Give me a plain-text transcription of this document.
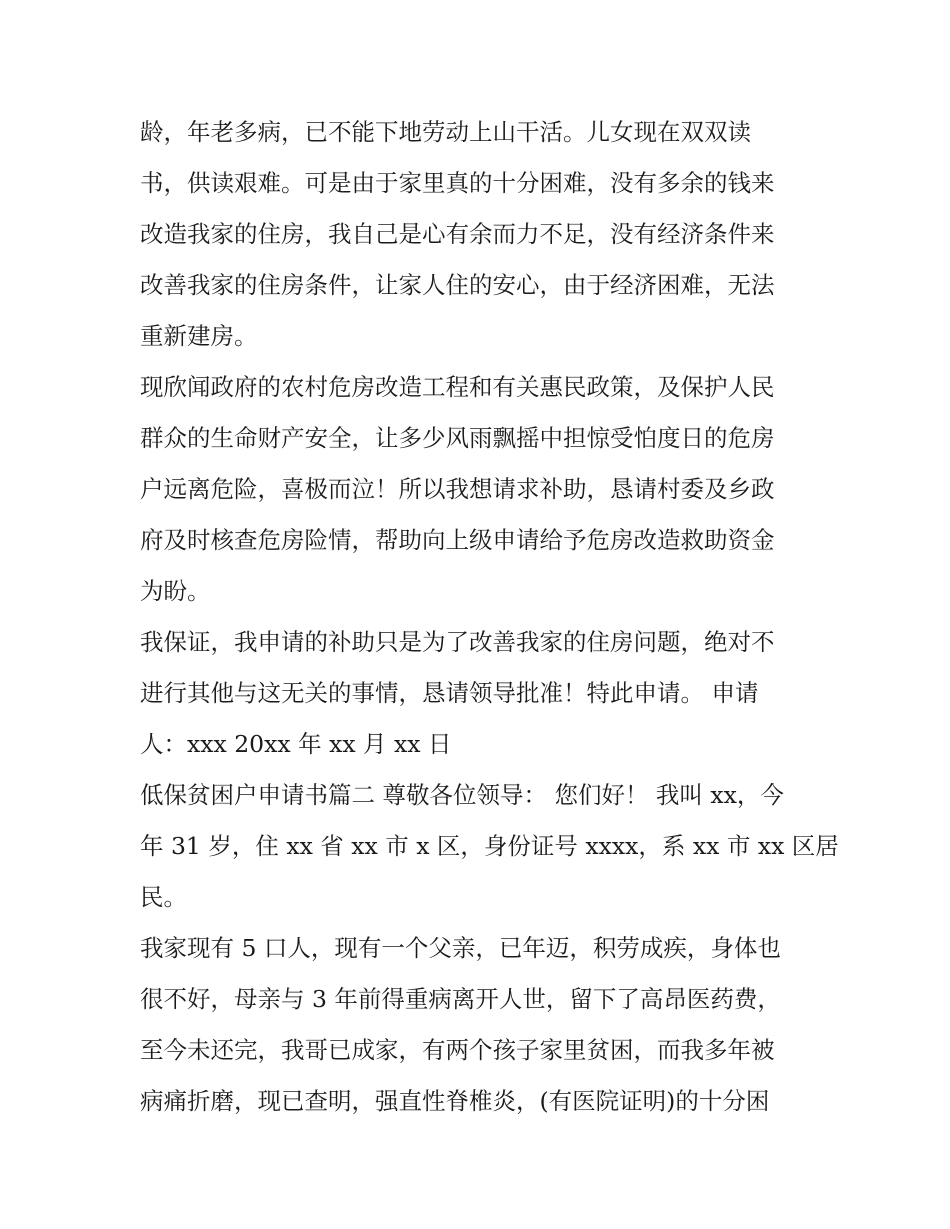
龄，年老多病，已不能下地劳动上山干活。儿女现在双双读
书，供读艰难。可是由于家里真的十分困难，没有多余的钱来
改造我家的住房，我自己是心有余而力不足，没有经济条件来
改善我家的住房条件，让家人住的安心，由于经济困难，无法
重新建房。
现欣闻政府的农村危房改造工程和有关惠民政策，及保护人民
群众的生命财产安全，让多少风雨飘摇中担惊受怕度日的危房
户远离危险，喜极而泣！所以我想请求补助，恳请村委及乡政
府及时核查危房险情，帮助向上级申请给予危房改造救助资金
为盼。
我保证，我申请的补助只是为了改善我家的住房问题，绝对不
进行其他与这无关的事情，恳请领导批准！特此申请。 申请
人：xxx 20xx 年 xx 月 xx 日
低保贫困户申请书篇二 尊敬各位领导： 您们好！ 我叫 xx，今
年 31 岁，住 xx 省 xx 市 x 区，身份证号 xxxx，系 xx 市 xx 区居
民。
我家现有 5 口人，现有一个父亲，已年迈，积劳成疾，身体也
很不好，母亲与 3 年前得重病离开人世，留下了高昂医药费，
至今未还完，我哥已成家，有两个孩子家里贫困，而我多年被
病痛折磨，现已查明，强直性脊椎炎，(有医院证明)的十分困
